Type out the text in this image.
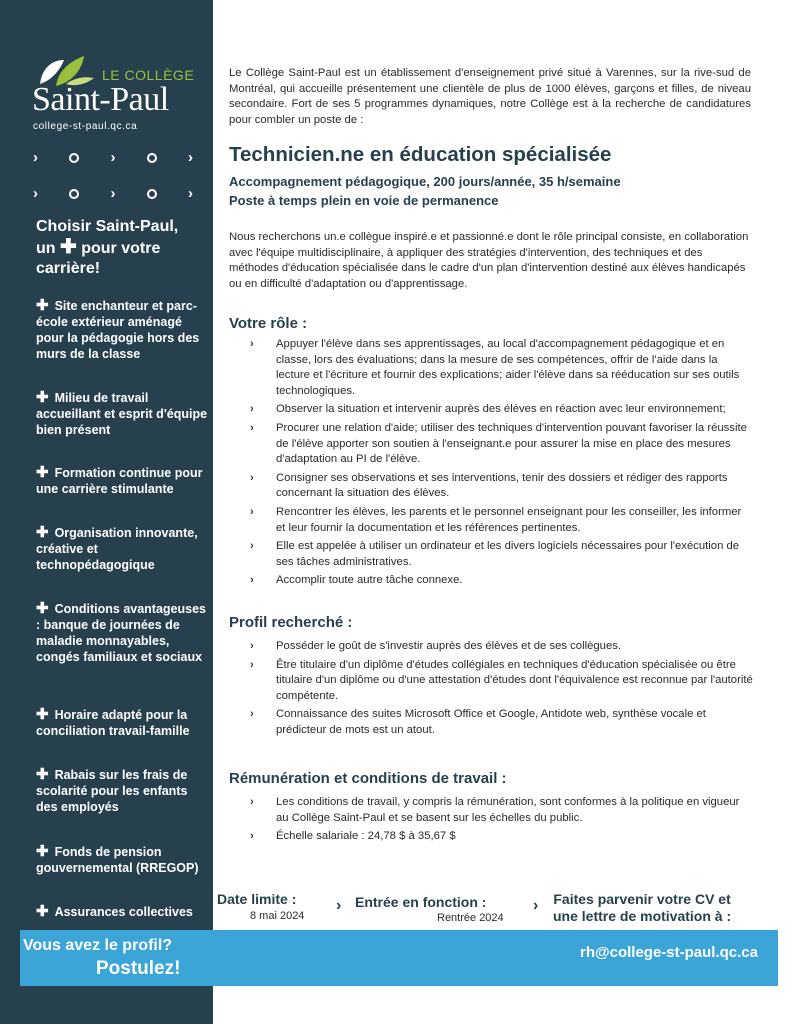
LE COLLÈGE
Saint-Paul
college-st-paul.qc.ca
›	›	›
›	›	›
Choisir Saint-Paul,
un ✚ pour votre
carrière!
✚ Site enchanteur et parc-école extérieur aménagé pour la pédagogie hors des murs de la classe
✚ Milieu de travail accueillant et esprit d'équipe bien présent
✚ Formation continue pour une carrière stimulante
✚ Organisation innovante, créative et technopédagogique
✚ Conditions avantageuses : banque de journées de maladie monnayables, congés familiaux et sociaux
✚ Horaire adapté pour la conciliation travail-famille
✚ Rabais sur les frais de scolarité pour les enfants des employés
✚ Fonds de pension gouvernemental (RREGOP)
✚ Assurances collectives
Le Collège Saint-Paul est un établissement d'enseignement privé situé à Varennes, sur la rive-sud de Montréal, qui accueille présentement une clientèle de plus de 1000 élèves, garçons et filles, de niveau secondaire. Fort de ses 5 programmes dynamiques, notre Collège est à la recherche de candidatures pour combler un poste de :
Technicien.ne en éducation spécialisée
Accompagnement pédagogique, 200 jours/année, 35 h/semaine
Poste à temps plein en voie de permanence
Nous recherchons un.e collègue inspiré.e et passionné.e dont le rôle principal consiste, en collaboration avec l'équipe multidisciplinaire, à appliquer des stratégies d'intervention, des techniques et des méthodes d'éducation spécialisée dans le cadre d'un plan d'intervention destiné aux élèves handicapés ou en difficulté d'adaptation ou d'apprentissage.
Votre rôle :
› Appuyer l'élève dans ses apprentissages, au local d'accompagnement pédagogique et en classe, lors des évaluations; dans la mesure de ses compétences, offrir de l'aide dans la lecture et l'écriture et fournir des explications; aider l'élève dans sa rééducation sur ses outils technologiques.
› Observer la situation et intervenir auprès des élèves en réaction avec leur environnement;
› Procurer une relation d'aide; utiliser des techniques d'intervention pouvant favoriser la réussite de l'élève apporter son soutien à l'enseignant.e pour assurer la mise en place des mesures d'adaptation au PI de l'élève.
› Consigner ses observations et ses interventions, tenir des dossiers et rédiger des rapports concernant la situation des élèves.
› Rencontrer les élèves, les parents et le personnel enseignant pour les conseiller, les informer et leur fournir la documentation et les références pertinentes.
› Elle est appelée à utiliser un ordinateur et les divers logiciels nécessaires pour l'exécution de ses tâches administratives.
› Accomplir toute autre tâche connexe.
Profil recherché :
› Posséder le goût de s'investir auprès des élèves et de ses collègues.
› Être titulaire d'un diplôme d'études collégiales en techniques d'éducation spécialisée ou être titulaire d'un diplôme ou d'une attestation d'études dont l'équivalence est reconnue par l'autorité compétente.
› Connaissance des suites Microsoft Office et Google, Antidote web, synthèse vocale et prédicteur de mots est un atout.
Rémunération et conditions de travail :
› Les conditions de travail, y compris la rémunération, sont conformes à la politique en vigueur au Collège Saint-Paul et se basent sur les échelles du public.
› Échelle salariale : 24,78 $ à 35,67 $
Date limite :
8 mai 2024
› Entrée en fonction :
Rentrée 2024
› Faites parvenir votre CV et
une lettre de motivation à :
rh@college-st-paul.qc.ca
Vous avez le profil?
Postulez!
